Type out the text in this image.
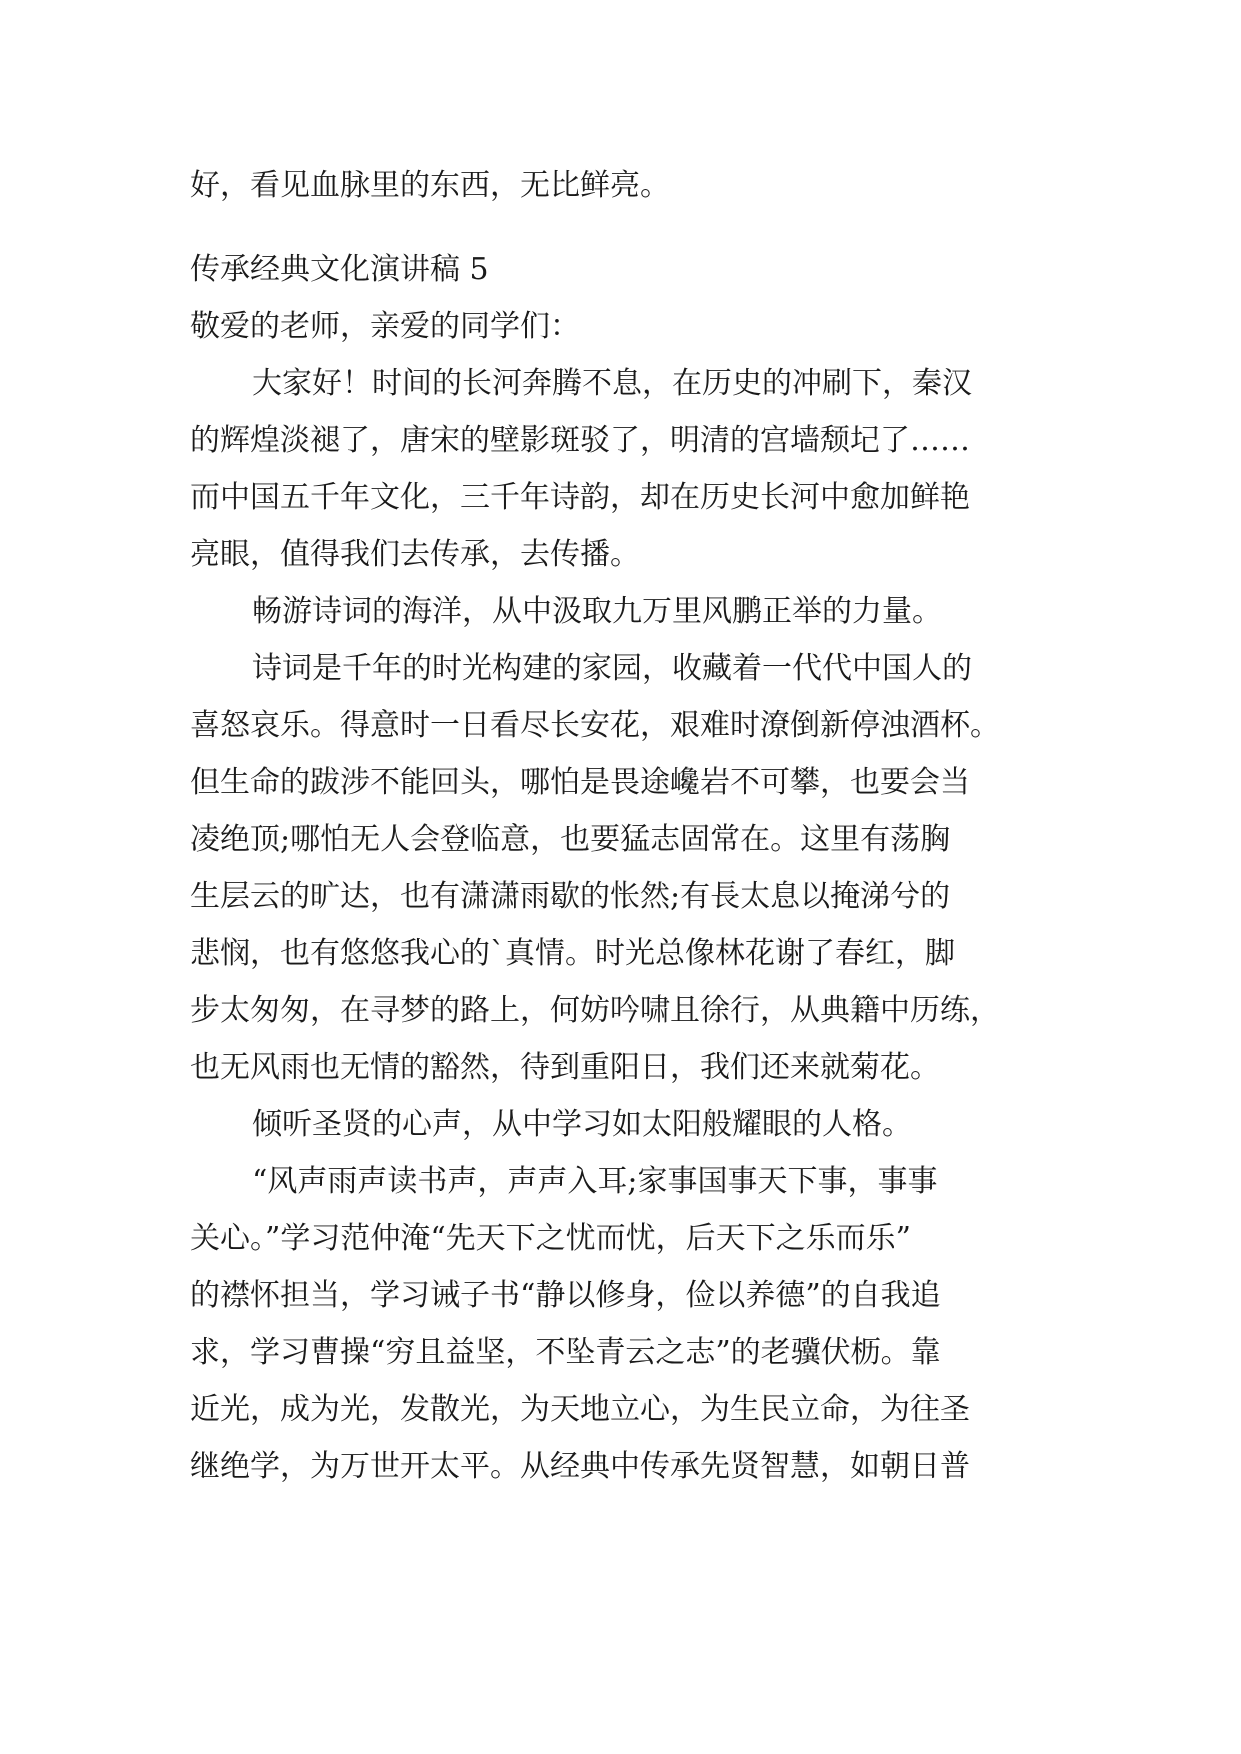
好，看见血脉里的东西，无比鲜亮。

传承经典文化演讲稿 5

敬爱的老师，亲爱的同学们：

大家好！时间的长河奔腾不息，在历史的冲刷下，秦汉

的辉煌淡褪了，唐宋的壁影斑驳了，明清的宫墙颓圮了……

而中国五千年文化，三千年诗韵，却在历史长河中愈加鲜艳

亮眼，值得我们去传承，去传播。

畅游诗词的海洋，从中汲取九万里风鹏正举的力量。

诗词是千年的时光构建的家园，收藏着一代代中国人的

喜怒哀乐。得意时一日看尽长安花，艰难时潦倒新停浊酒杯。

但生命的跋涉不能回头，哪怕是畏途巉岩不可攀，也要会当

凌绝顶;哪怕无人会登临意，也要猛志固常在。这里有荡胸

生层云的旷达，也有潇潇雨歇的怅然;有長太息以掩涕兮的

悲悯，也有悠悠我心的`真情。时光总像林花谢了春红，脚

步太匆匆，在寻梦的路上，何妨吟啸且徐行，从典籍中历练，

也无风雨也无情的豁然，待到重阳日，我们还来就菊花。

倾听圣贤的心声，从中学习如太阳般耀眼的人格。

“风声雨声读书声，声声入耳;家事国事天下事，事事

关心。”学习范仲淹“先天下之忧而忧，后天下之乐而乐”

的襟怀担当，学习诫子书“静以修身，俭以养德”的自我追

求，学习曹操“穷且益坚，不坠青云之志”的老骥伏枥。靠

近光，成为光，发散光，为天地立心，为生民立命，为往圣

继绝学，为万世开太平。从经典中传承先贤智慧，如朝日普
